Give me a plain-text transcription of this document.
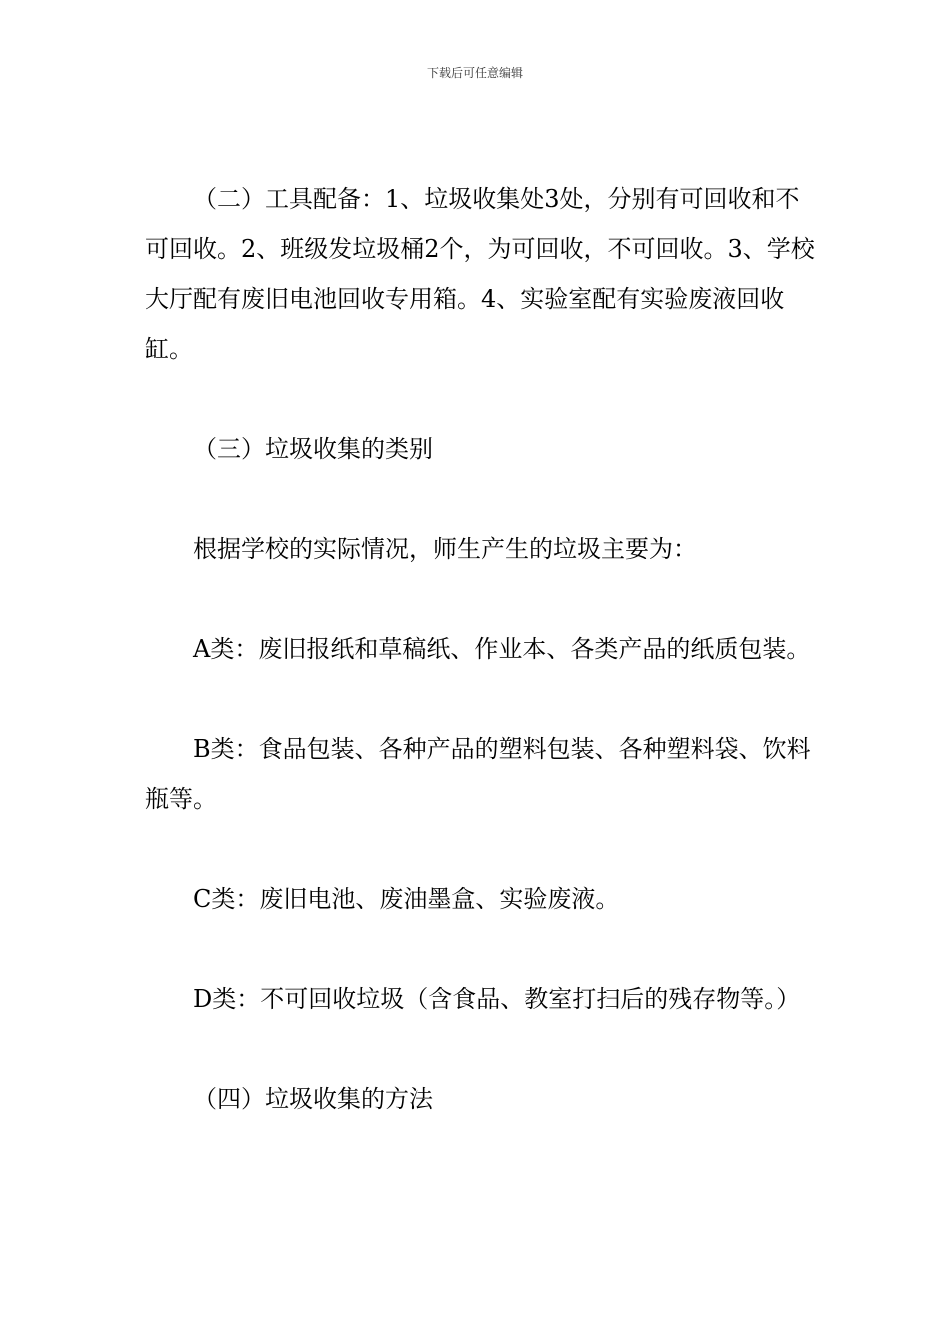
下载后可任意编辑

（二）工具配备：1、垃圾收集处3处，分别有可回收和不可回收。2、班级发垃圾桶2个，为可回收，不可回收。3、学校大厅配有废旧电池回收专用箱。4、实验室配有实验废液回收缸。

（三）垃圾收集的类别

根据学校的实际情况，师生产生的垃圾主要为：

A类：废旧报纸和草稿纸、作业本、各类产品的纸质包装。

B类：食品包装、各种产品的塑料包装、各种塑料袋、饮料瓶等。

C类：废旧电池、废油墨盒、实验废液。

D类：不可回收垃圾（含食品、教室打扫后的残存物等。）

（四）垃圾收集的方法
